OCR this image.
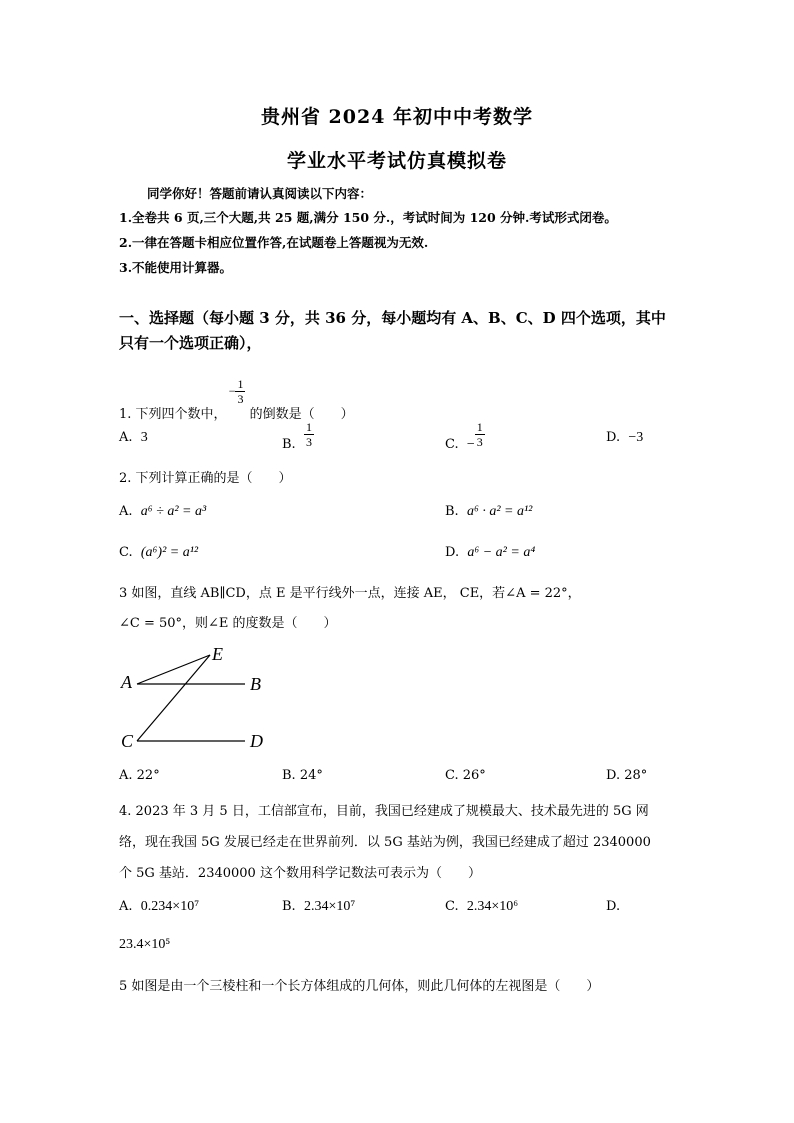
贵州省 2024 年初中中考数学
学业水平考试仿真模拟卷
同学你好！答题前请认真阅读以下内容：
1.全卷共 6 页,三个大题,共 25 题,满分 150 分.，考试时间为 120 分钟.考试形式闭卷。
2.一律在答题卡相应位置作答,在试题卷上答题视为无效.
3.不能使用计算器。
一、选择题（每小题 3 分，共 36 分，每小题均有 A、B、C、D 四个选项，其中
只有一个选项正确），
1. 下列四个数中， − $\frac{1}{3}$
的倒数是（　　）
A. 3	B. $\frac{1}{3}$	C. − $\frac{1}{3}$	D. −3
2. 下列计算正确的是（　　）
A. a⁶ ÷ a² = a³	B. a⁶ · a² = a¹²
C. (a⁶)² = a¹²	D. a⁶ − a² = a⁴
3 如图，直线 AB∥CD，点 E 是平行线外一点，连接 AE， CE，若∠A = 22°，
∠C = 50°，则∠E 的度数是（　　）
E
A	B
C	D
A. 22°	B. 24°	C. 26°	D. 28°
4. 2023 年 3 月 5 日，工信部宣布，目前，我国已经建成了规模最大、技术最先进的 5G 网
络，现在我国 5G 发展已经走在世界前列．以 5G 基站为例，我国已经建成了超过 2340000
个 5G 基站．2340000 这个数用科学记数法可表示为（　　）
A. 0.234×10⁷	B. 2.34×10⁷	C. 2.34×10⁶	D.
23.4×10⁵
5 如图是由一个三棱柱和一个长方体组成的几何体，则此几何体的左视图是（　　）
